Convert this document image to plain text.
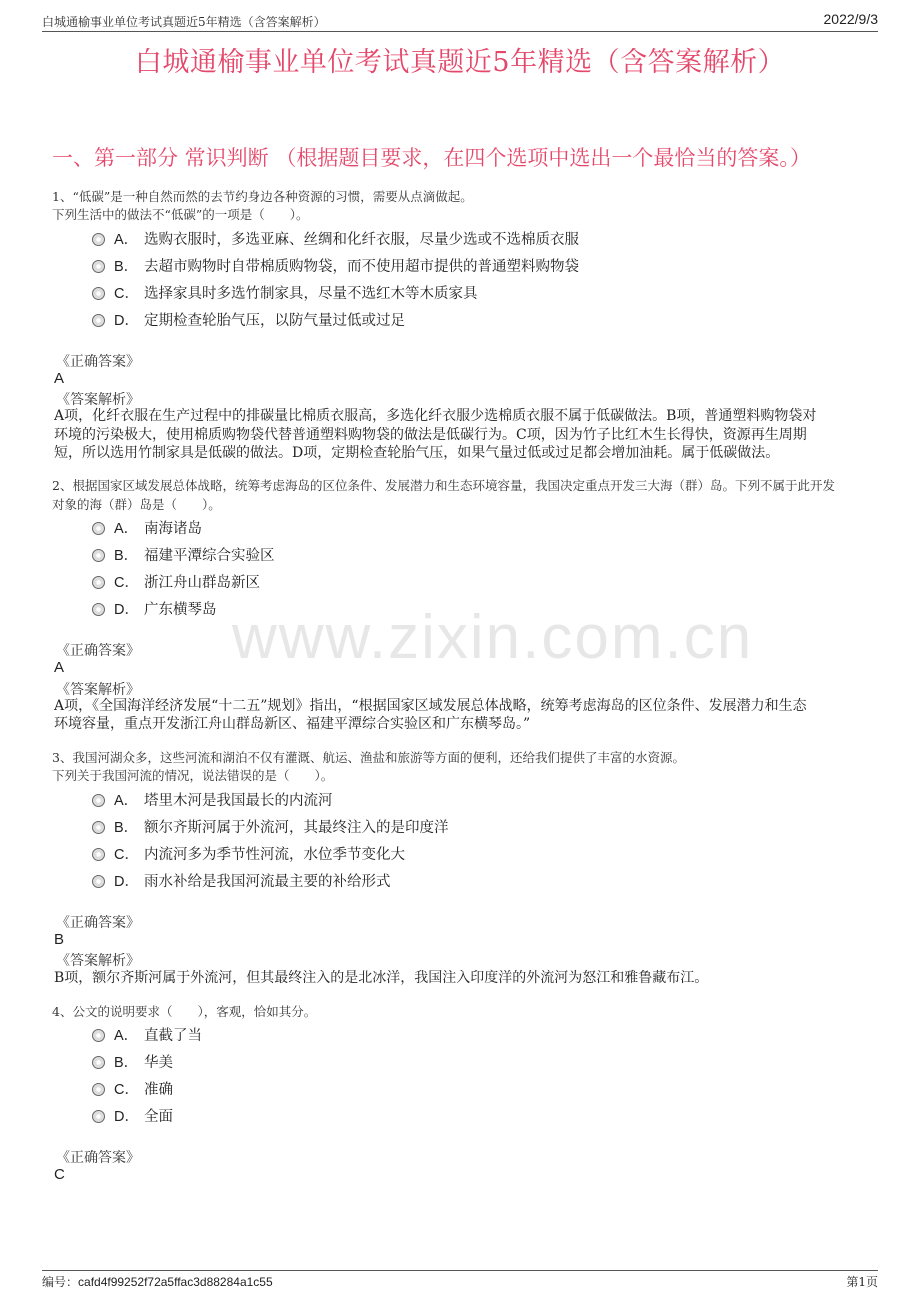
白城通榆事业单位考试真题近5年精选（含答案解析）	2022/9/3
白城通榆事业单位考试真题近5年精选（含答案解析）
一、第一部分 常识判断 （根据题目要求，在四个选项中选出一个最恰当的答案。）
www.zixin.com.cn
1、“低碳”是一种自然而然的去节约身边各种资源的习惯，需要从点滴做起。
下列生活中的做法不“低碳”的一项是（　　）。
A． 选购衣服时，多选亚麻、丝绸和化纤衣服，尽量少选或不选棉质衣服
B． 去超市购物时自带棉质购物袋，而不使用超市提供的普通塑料购物袋
C． 选择家具时多选竹制家具，尽量不选红木等木质家具
D． 定期检查轮胎气压，以防气量过低或过足
《正确答案》
A
《答案解析》
A项，化纤衣服在生产过程中的排碳量比棉质衣服高，多选化纤衣服少选棉质衣服不属于低碳做法。B项，普通塑料购物袋对
环境的污染极大，使用棉质购物袋代替普通塑料购物袋的做法是低碳行为。C项，因为竹子比红木生长得快，资源再生周期
短，所以选用竹制家具是低碳的做法。D项，定期检查轮胎气压，如果气量过低或过足都会增加油耗。属于低碳做法。
2、根据国家区域发展总体战略，统筹考虑海岛的区位条件、发展潜力和生态环境容量，我国决定重点开发三大海（群）岛。下列不属于此开发
对象的海（群）岛是（　　）。
A． 南海诸岛
B． 福建平潭综合实验区
C． 浙江舟山群岛新区
D． 广东横琴岛
《正确答案》
A
《答案解析》
A项，《全国海洋经济发展“十二五”规划》指出，“根据国家区域发展总体战略，统筹考虑海岛的区位条件、发展潜力和生态
环境容量，重点开发浙江舟山群岛新区、福建平潭综合实验区和广东横琴岛。”
3、我国河湖众多，这些河流和湖泊不仅有灌溉、航运、渔盐和旅游等方面的便利，还给我们提供了丰富的水资源。
下列关于我国河流的情况，说法错误的是（　　）。
A． 塔里木河是我国最长的内流河
B． 额尔齐斯河属于外流河，其最终注入的是印度洋
C． 内流河多为季节性河流，水位季节变化大
D． 雨水补给是我国河流最主要的补给形式
《正确答案》
B
《答案解析》
B项，额尔齐斯河属于外流河，但其最终注入的是北冰洋，我国注入印度洋的外流河为怒江和雅鲁藏布江。
4、公文的说明要求（　　），客观，恰如其分。
A． 直截了当
B． 华美
C． 准确
D． 全面
《正确答案》
C
编号：cafd4f99252f72a5ffac3d88284a1c55	第1页
